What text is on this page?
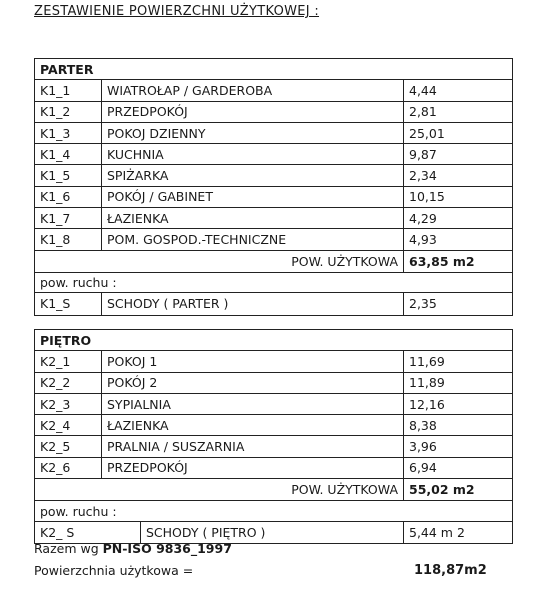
ZESTAWIENIE POWIERZCHNI UŻYTKOWEJ :
PARTER
K1_1	WIATROŁAP / GARDEROBA	4,44
K1_2	PRZEDPOKÓJ	2,81
K1_3	POKOJ DZIENNY	25,01
K1_4	KUCHNIA	9,87
K1_5	SPIŻARKA	2,34
K1_6	POKÓJ / GABINET	10,15
K1_7	ŁAZIENKA	4,29
K1_8	POM. GOSPOD.-TECHNICZNE	4,93
POW. UŻYTKOWA 63,85 m2
pow. ruchu :
K1_S	SCHODY ( PARTER )	2,35
PIĘTRO
K2_1	POKOJ 1	11,69
K2_2	POKÓJ 2	11,89
K2_3	SYPIALNIA	12,16
K2_4	ŁAZIENKA	8,38
K2_5	PRALNIA / SUSZARNIA	3,96
K2_6	PRZEDPOKÓJ	6,94
POW. UŻYTKOWA 55,02 m2
pow. ruchu :
K2_ S	SCHODY ( PIĘTRO )	5,44 m 2
Razem wg PN-ISO 9836_1997
Powierzchnia użytkowa =	118,87m2
